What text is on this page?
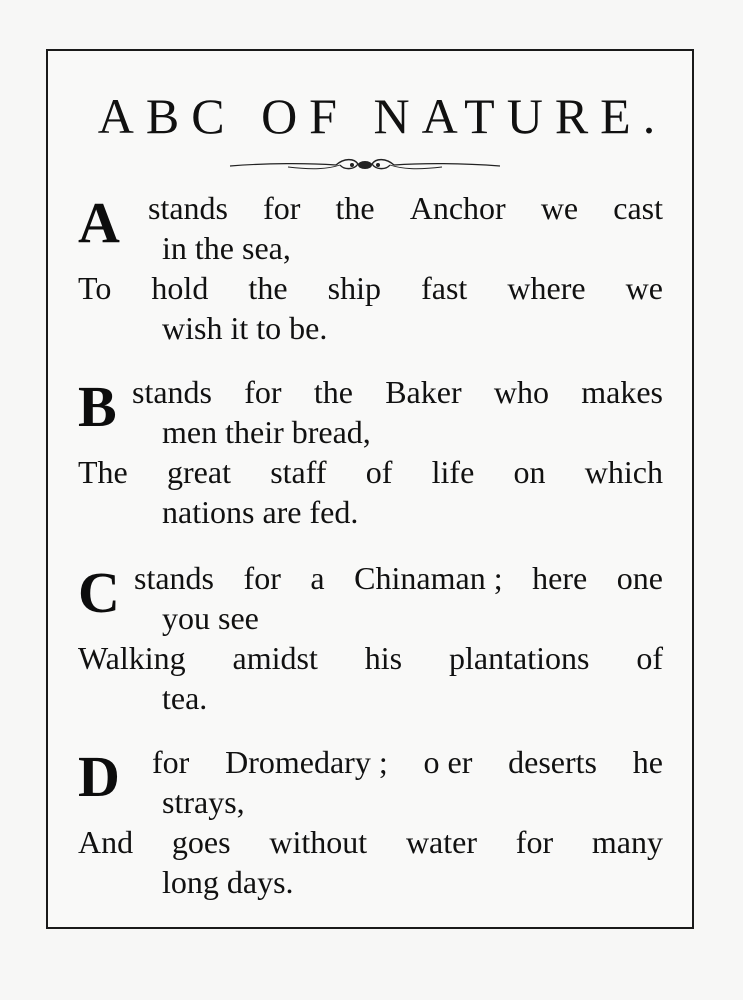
ABC OF NATURE.
A stands for the Anchor we cast
in the sea,
To hold the ship fast where we
wish it to be.
B stands for the Baker who makes
men their bread,
The great staff of life on which
nations are fed.
C stands for a Chinaman ; here one
you see
Walking amidst his plantations of
tea.
D for Dromedary ; o er deserts he
strays,
And goes without water for many
long days.
